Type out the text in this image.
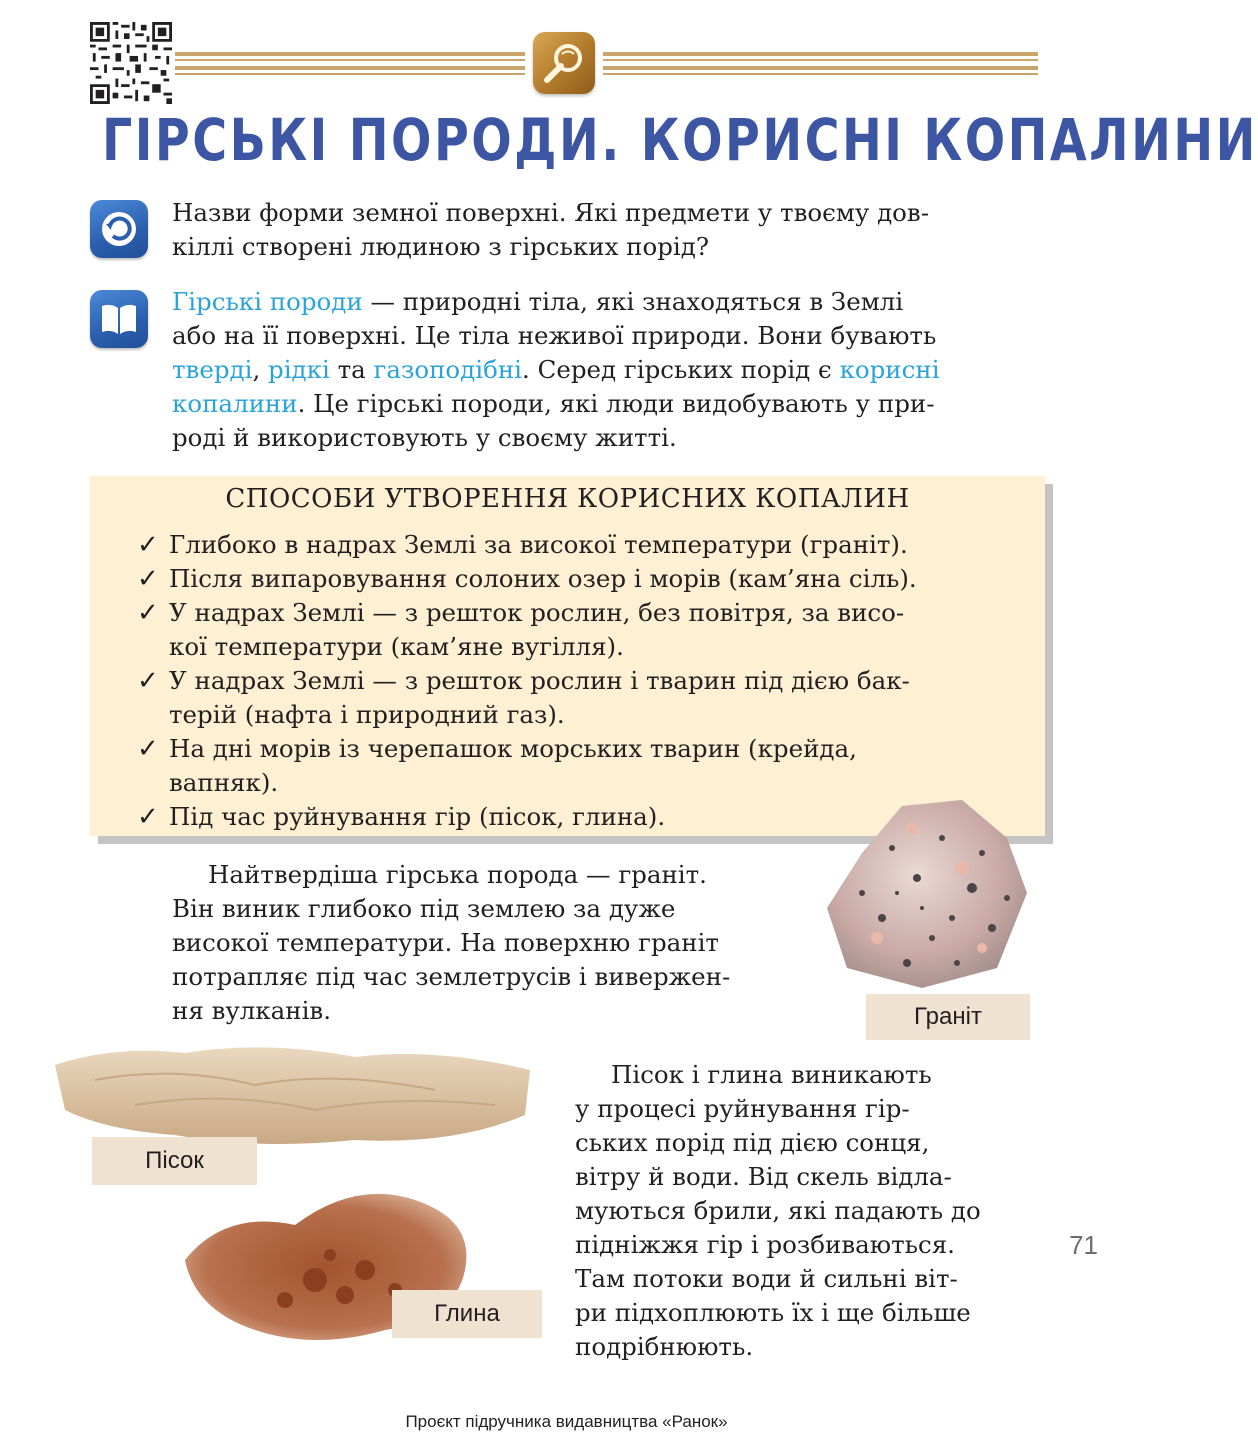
ГІРСЬКІ ПОРОДИ. КОРИСНІ КОПАЛИНИ
Назви форми земної поверхні. Які предмети у твоєму дов-
кіллі створені людиною з гірських порід?
Гірські породи — природні тіла, які знаходяться в Землі
або на її поверхні. Це тіла неживої природи. Вони бувають
тверді, рідкі та газоподібні. Серед гірських порід є корисні
копалини. Це гірські породи, які люди видобувають у при-
роді й використовують у своєму житті.
СПОСОБИ УТВОРЕННЯ КОРИСНИХ КОПАЛИН
✓ Глибоко в надрах Землі за високої температури (граніт).
✓ Після випаровування солоних озер і морів (кам’яна сіль).
✓ У надрах Землі — з решток рослин, без повітря, за висо-
кої температури (кам’яне вугілля).
✓ У надрах Землі — з решток рослин і тварин під дією бак-
терій (нафта і природний газ).
✓ На дні морів із черепашок морських тварин (крейда,
вапняк).
✓ Під час руйнування гір (пісок, глина).
Граніт
Найтвердіша гірська порода — граніт.
Він виник глибоко під землею за дуже
високої температури. На поверхню граніт
потрапляє під час землетрусів і вивержен-
ня вулканів.
Пісок
Глина
Пісок і глина виникають
у процесі руйнування гір-
ських порід під дією сонця,
вітру й води. Від скель відла-
муються брили, які падають до
підніжжя гір і розбиваються.
Там потоки води й сильні віт-
ри підхоплюють їх і ще більше
подрібнюють.
71
Проєкт підручника видавництва «Ранок»
